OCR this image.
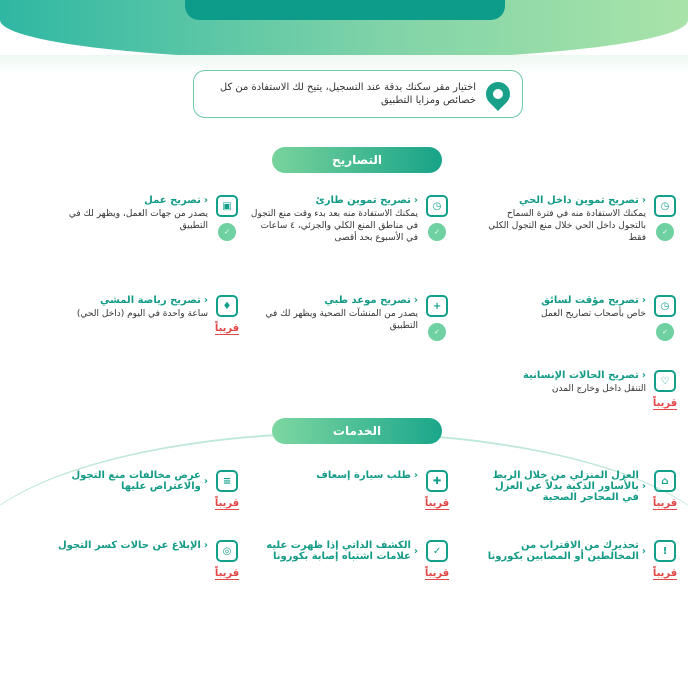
اختيار مقر سكنك بدقة عند التسجيل، يتيح لك الاستفادة من كل خصائص ومزايا التطبيق
التصاريح
◷
✓
‹
تصريح تموين داخل الحي
يمكنك الاستفادة منه في فترة السماح بالتجول داخل الحي خلال منع التجول الكلي فقط
◷
✓
‹
تصريح تموين طارئ
يمكنك الاستفادة منه بعد بدء وقت منع التجول في مناطق المنع الكلي والجزئي، ٤ ساعات في الأسبوع بحد أقصى
▣
✓
‹
تصريح عمل
يصدر من جهات العمل، ويظهر لك في التطبيق
◷
✓
‹
تصريح مؤقت لسائق
خاص بأصحاب تصاريح العمل
+
✓
‹
تصريح موعد طبي
يصدر من المنشآت الصحية ويظهر لك في التطبيق
♦
قريباً
‹
تصريح رياضة المشي
ساعة واحدة في اليوم (داخل الحي)
♡
قريباً
‹
تصريح الحالات الإنسانية
التنقل داخل وخارج المدن
الخدمات
⌂
قريباً
‹
العزل المنزلي من خلال الربط بالأساور الذكية بدلاً عن العزل في المحاجر الصحية
✚
قريباً
‹
طلب سيارة إسعاف
≡
قريباً
‹
عرض مخالفات منع التجول والاعتراض عليها
!
قريباً
‹
تحذيرك من الاقتراب من المخالطين أو المصابين بكورونا
✓
قريباً
‹
الكشف الذاتي إذا ظهرت عليه علامات اشتباه إصابة بكورونا
◎
قريباً
‹
الإبلاغ عن حالات كسر التجول
